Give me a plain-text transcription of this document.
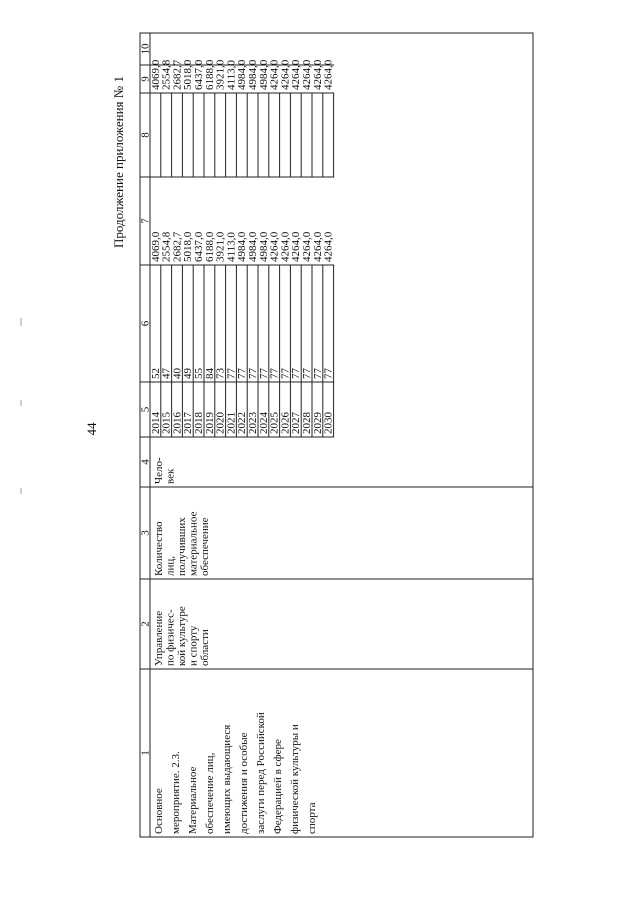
44
Продолжение приложения № 1
1
2
3
4
5
6
7
8
9
10
Основное мероприятие. 2.3. Материальное обеспечение лиц, имеющих выдающиеся достижения и особые заслуги перед Российской Федерацией в сфере физической культуры и спорта
Управление по физичес- кой культуре и спорту области
Количество лиц, получивших материальное обеспечение
Чело- век
2014
52
4069,0
4069,0
2015
47
2554,8
2554,8
2016
40
2682,7
2682,7
2017
49
5018,0
5018,0
2018
55
6437,0
6437,0
2019
84
6188,0
6188,0
2020
73
3921,0
3921,0
2021
77
4113,0
4113,0
2022
77
4984,0
4984,0
2023
77
4984,0
4984,0
2024
77
4984,0
4984,0
2025
77
4264,0
4264,0
2026
77
4264,0
4264,0
2027
77
4264,0
4264,0
2028
77
4264,0
4264,0
2029
77
4264,0
4264,0
2030
77
4264,0
4264,0
